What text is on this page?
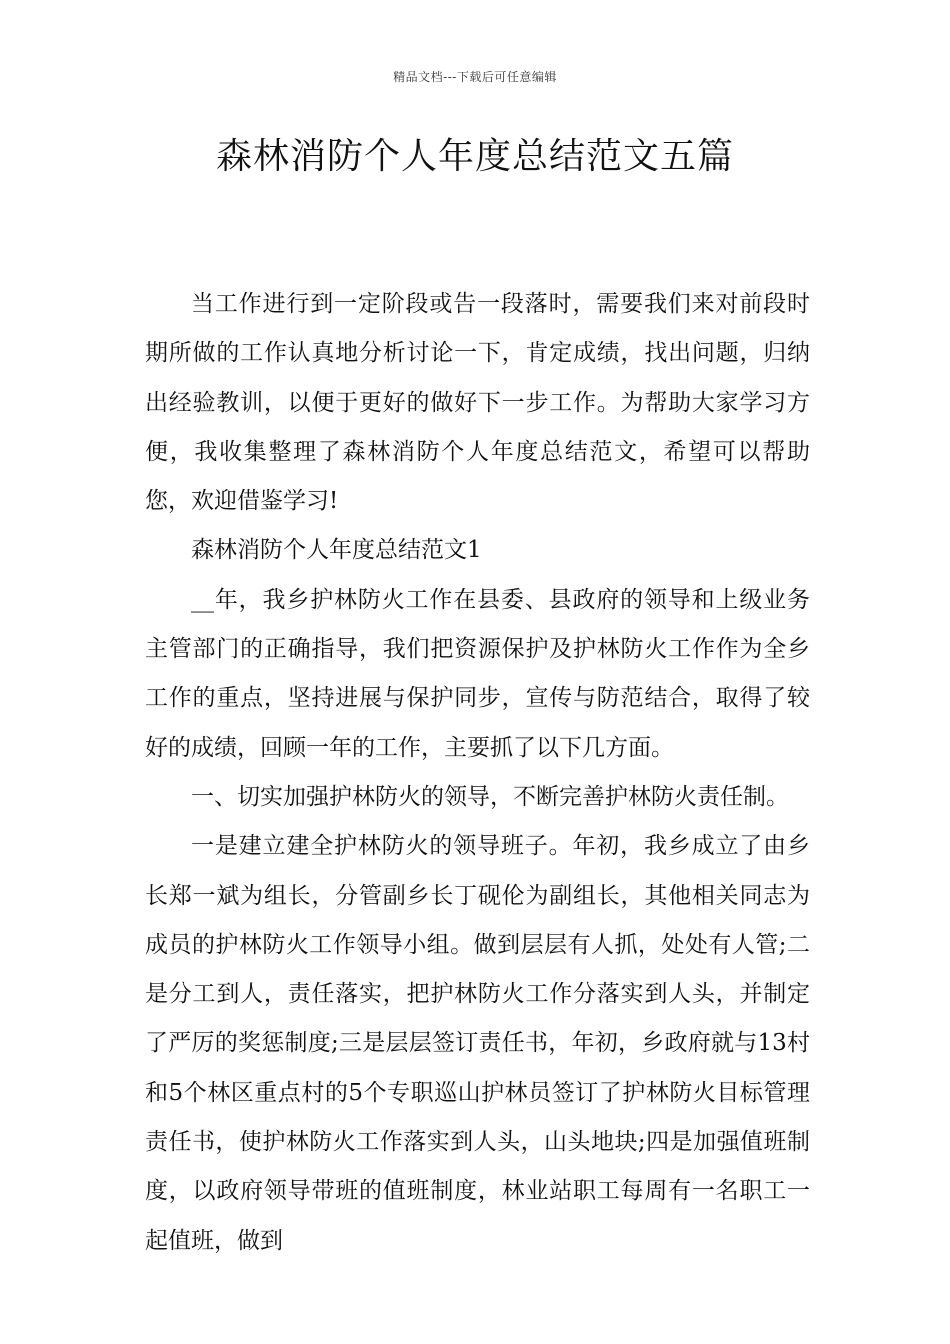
精品文档---下载后可任意编辑
森林消防个人年度总结范文五篇

当工作进行到一定阶段或告一段落时，需要我们来对前段时期所做的工作认真地分析讨论一下，肯定成绩，找出问题，归纳出经验教训，以便于更好的做好下一步工作。为帮助大家学习方便，我收集整理了森林消防个人年度总结范文，希望可以帮助您，欢迎借鉴学习!

森林消防个人年度总结范文1

__年，我乡护林防火工作在县委、县政府的领导和上级业务主管部门的正确指导，我们把资源保护及护林防火工作作为全乡工作的重点，坚持进展与保护同步，宣传与防范结合，取得了较好的成绩，回顾一年的工作，主要抓了以下几方面。

一、切实加强护林防火的领导，不断完善护林防火责任制。

一是建立建全护林防火的领导班子。年初，我乡成立了由乡长郑一斌为组长，分管副乡长丁砚伦为副组长，其他相关同志为成员的护林防火工作领导小组。做到层层有人抓，处处有人管;二是分工到人，责任落实，把护林防火工作分落实到人头，并制定了严厉的奖惩制度;三是层层签订责任书，年初，乡政府就与13村和5个林区重点村的5个专职巡山护林员签订了护林防火目标管理责任书，使护林防火工作落实到人头，山头地块;四是加强值班制度，以政府领导带班的值班制度，林业站职工每周有一名职工一起值班，做到
